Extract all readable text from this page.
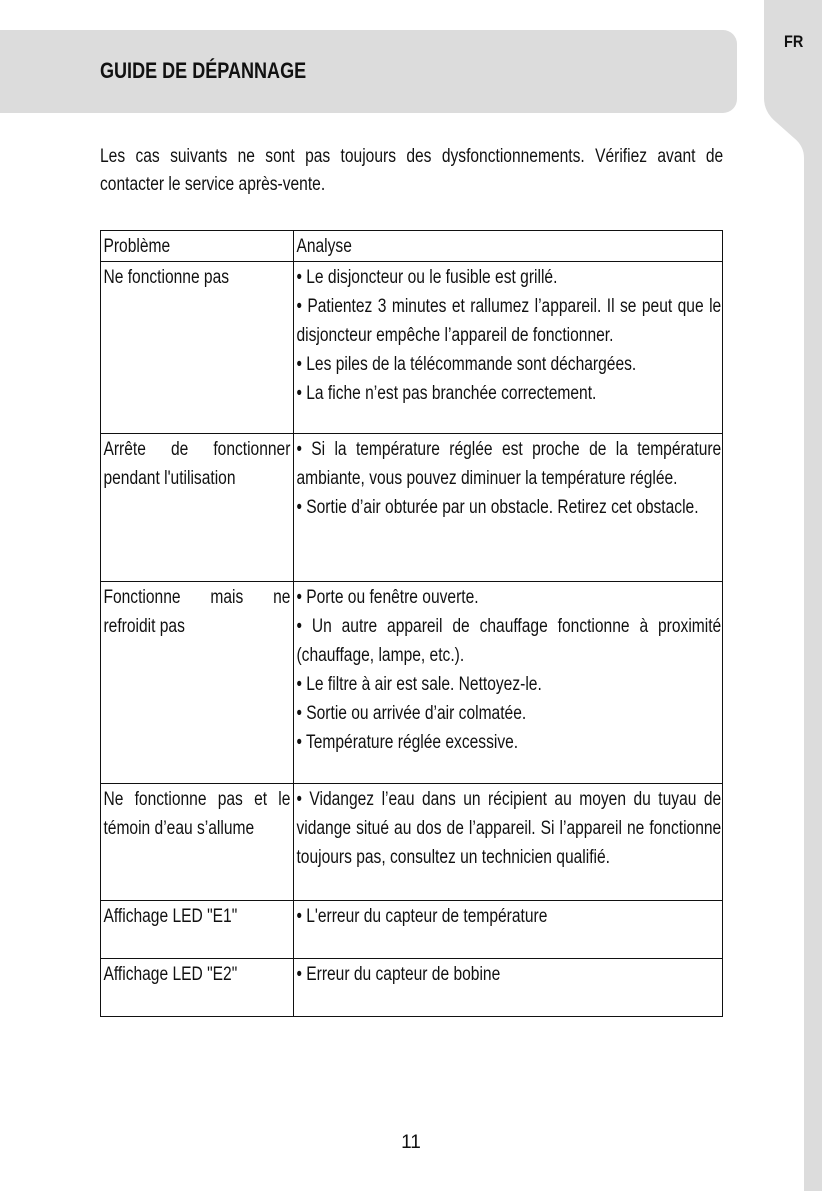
GUIDE DE DÉPANNAGE
FR
Les cas suivants ne sont pas toujours des dysfonctionnements. Vérifiez avant de contacter le service après-vente.
Problème	Analyse

Ne fonctionne pas	• Le disjoncteur ou le fusible est grillé.
• Patientez 3 minutes et rallumez l’appareil. Il se peut que le disjoncteur empêche l’appareil de fonctionner.
• Les piles de la télécommande sont déchargées.
• La fiche n’est pas branchée correctement.

Arrête de fonctionner pendant l'utilisation	• Si la température réglée est proche de la température ambiante, vous pouvez diminuer la température réglée.
• Sortie d’air obturée par un obstacle. Retirez cet obstacle.

Fonctionne mais ne refroidit pas	• Porte ou fenêtre ouverte.
• Un autre appareil de chauffage fonctionne à proximité (chauffage, lampe, etc.).
• Le filtre à air est sale. Nettoyez-le.
• Sortie ou arrivée d’air colmatée.
• Température réglée excessive.

Ne fonctionne pas et le témoin d’eau s’allume	• Vidangez l’eau dans un récipient au moyen du tuyau de vidange situé au dos de l’appareil. Si l’appareil ne fonctionne toujours pas, consultez un technicien qualifié.

Affichage LED "E1"	• L'erreur du capteur de température

Affichage LED "E2"	• Erreur du capteur de bobine
11
